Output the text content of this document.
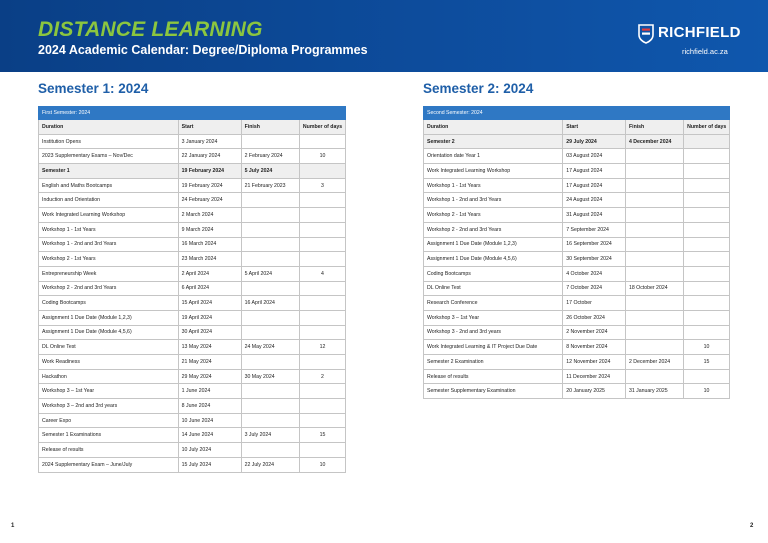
DISTANCE LEARNING
2024 Academic Calendar: Degree/Diploma Programmes
RICHFIELD
richfield.ac.za
Semester 1: 2024	Semester 2: 2024
First Semester: 2024			
Duration	Start	Finish	Number of days
Institution Opens	3 January 2024		
2023 Supplementary Exams – Nov/Dec	22 January 2024	2 February 2024	10
Semester 1	19 February 2024	5 July 2024	
English and Maths Bootcamps	19 February 2024	21 February 2023	3
Induction and Orientation	24 February 2024		
Work Integrated Learning Workshop	2 March 2024		
Workshop 1 - 1st Years	9 March 2024		
Workshop 1 - 2nd and 3rd Years	16 March 2024		
Workshop 2 - 1st Years	23 March 2024		
Entrepreneurship Week	2 April 2024	5 April 2024	4
Workshop 2 - 2nd and 3rd Years	6 April 2024		
Coding Bootcamps	15 April 2024	16 April 2024	
Assignment 1 Due Date (Module 1,2,3)	19 April 2024		
Assignment 1 Due Date (Module 4,5,6)	30 April 2024		
DL Online Test	13 May 2024	24 May 2024	12
Work Readiness	21 May 2024		
Hackathon	29 May 2024	30 May 2024	2
Workshop 3 – 1st Year	1 June 2024		
Workshop 3 – 2nd and 3rd years	8 June 2024		
Career Expo	10 June 2024		
Semester 1 Examinations	14 June 2024	3 July 2024	15
Release of results	10 July 2024		
2024 Supplementary Exam – June/July	15 July 2024	22 July 2024	10
Second Semester: 2024			
Duration	Start	Finish	Number of days
Semester 2	29 July 2024	4 December 2024	
Orientation date Year 1	03 August 2024		
Work Integrated Learning Workshop	17 August 2024		
Workshop 1 - 1st Years	17 August 2024		
Workshop 1 - 2nd and 3rd Years	24 August 2024		
Workshop 2 - 1st Years	31 August 2024		
Workshop 2 - 2nd and 3rd Years	7 September 2024		
Assignment 1 Due Date (Module 1,2,3)	16 September 2024		
Assignment 1 Due Date (Module 4,5,6)	30 September 2024		
Coding Bootcamps	4 October 2024		
DL Online Test	7 October 2024	18 October 2024	
Research Conference	17 October		
Workshop 3 – 1st Year	26 October 2024		
Workshop 3 - 2nd and 3rd years	2 November 2024		
Work Integrated Learning & IT Project Due Date	8 November 2024		10
Semester 2 Examination	12 November 2024	2 December 2024	15
Release of results	11 December 2024		
Semester Supplementary Examination	20 January 2025	31 January 2025	10
1	2
